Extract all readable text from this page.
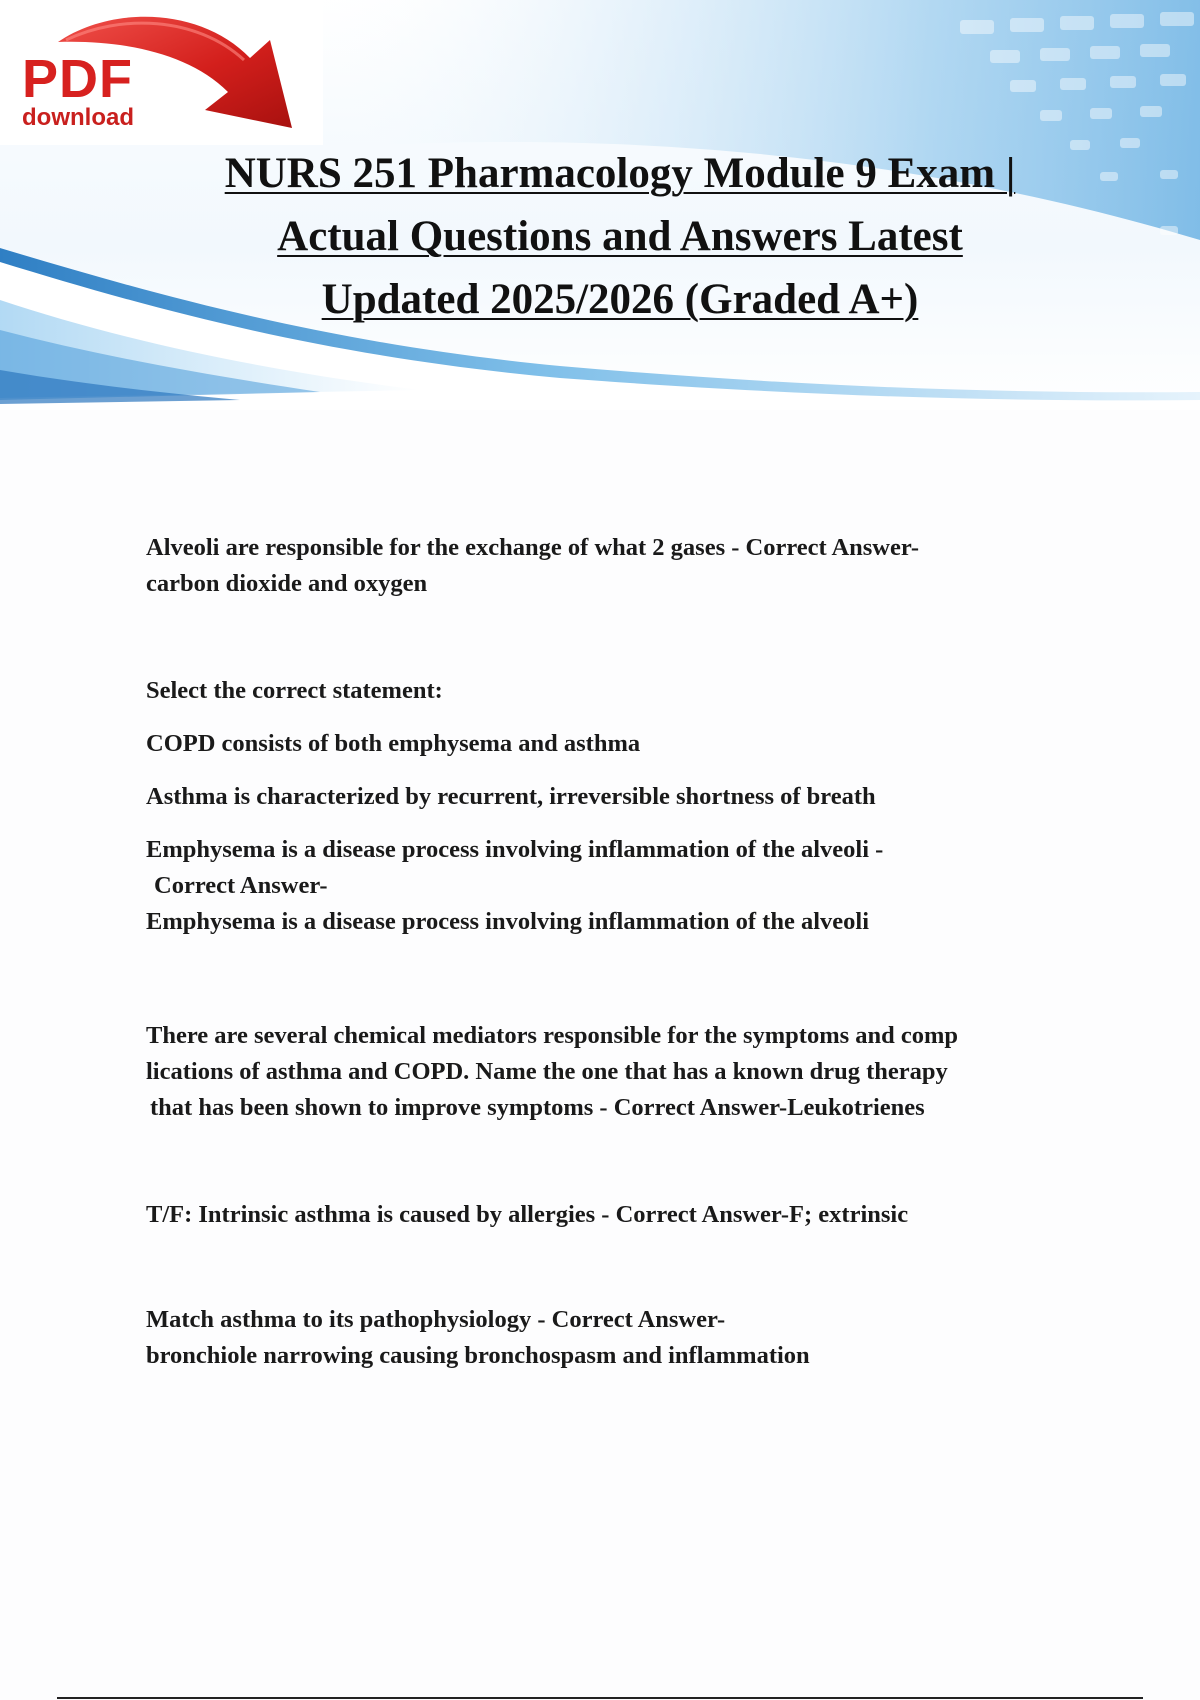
PDF
download
NURS 251 Pharmacology Module 9 Exam |
Actual Questions and Answers Latest
Updated 2025/2026 (Graded A+)
Alveoli are responsible for the exchange of what 2 gases - Correct Answer-
carbon dioxide and oxygen
Select the correct statement:
COPD consists of both emphysema and asthma
Asthma is characterized by recurrent, irreversible shortness of breath
Emphysema is a disease process involving inflammation of the alveoli -
Correct Answer-
Emphysema is a disease process involving inflammation of the alveoli
There are several chemical mediators responsible for the symptoms and comp
lications of asthma and COPD. Name the one that has a known drug therapy
that has been shown to improve symptoms - Correct Answer-Leukotrienes
T/F: Intrinsic asthma is caused by allergies - Correct Answer-F; extrinsic
Match asthma to its pathophysiology - Correct Answer-
bronchiole narrowing causing bronchospasm and inflammation
